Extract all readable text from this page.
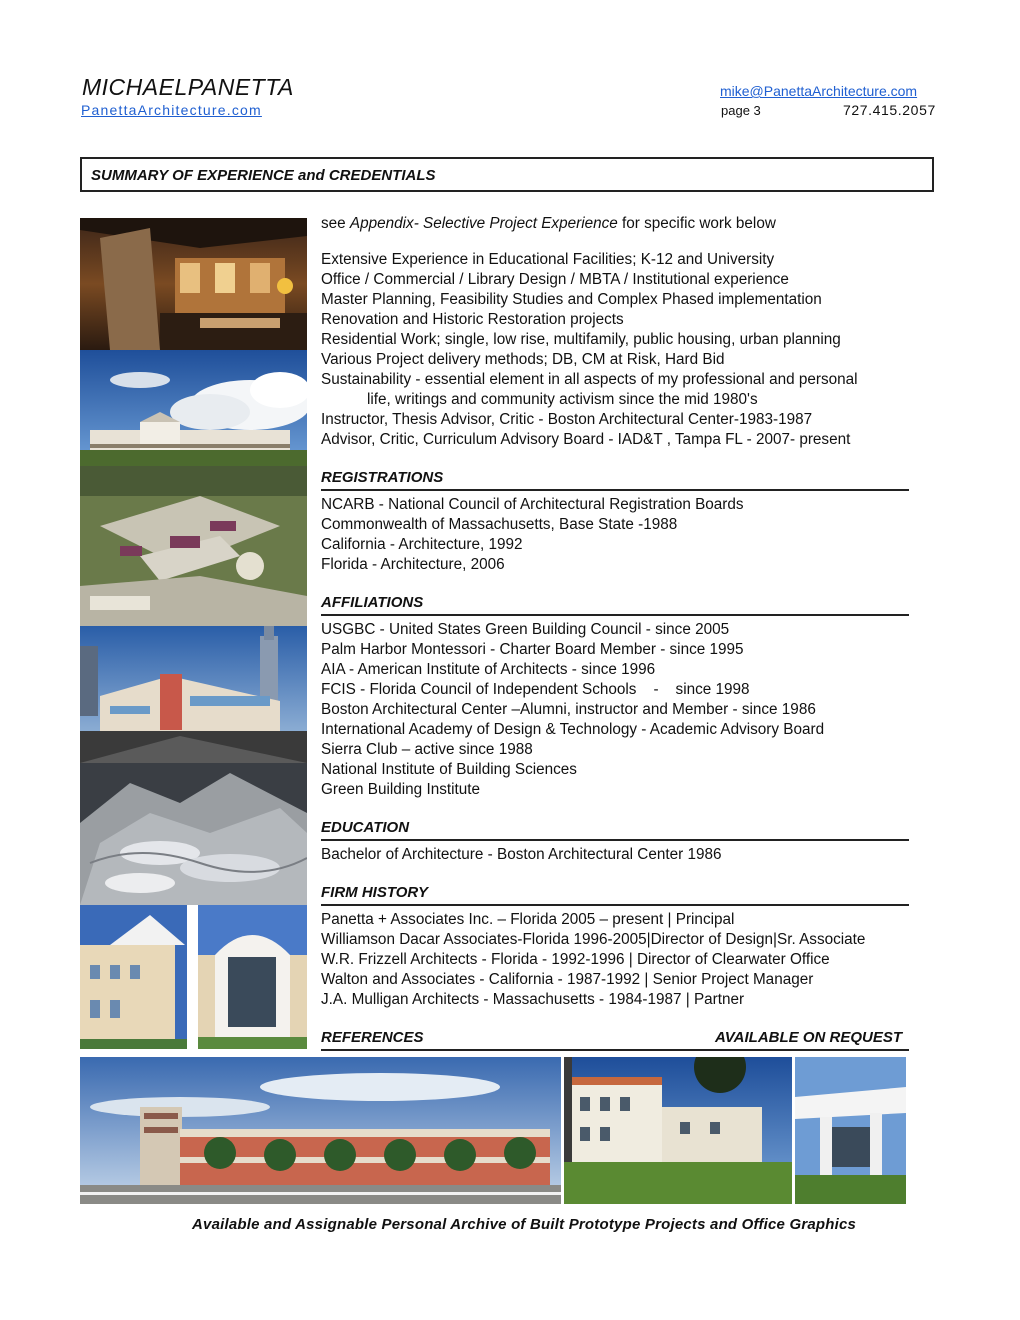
MICHAELPANETTA
PanettaArchitecture.com
mike@PanettaArchitecture.com
page 3	727.415.2057
SUMMARY OF EXPERIENCE and CREDENTIALS
see Appendix- Selective Project Experience for specific work below
Extensive Experience in Educational Facilities; K-12 and University
Office / Commercial / Library Design / MBTA / Institutional experience
Master Planning, Feasibility Studies and Complex Phased implementation
Renovation and Historic Restoration projects
Residential Work; single, low rise, multifamily, public housing, urban planning
Various Project delivery methods; DB, CM at Risk, Hard Bid
Sustainability - essential element in all aspects of my professional and personal
life, writings and community activism since the mid 1980's
Instructor, Thesis Advisor, Critic - Boston Architectural Center-1983-1987
Advisor, Critic, Curriculum Advisory Board - IAD&T , Tampa FL - 2007- present
REGISTRATIONS
NCARB - National Council of Architectural Registration Boards
Commonwealth of Massachusetts, Base State -1988
California - Architecture, 1992
Florida - Architecture, 2006
AFFILIATIONS
USGBC - United States Green Building Council - since 2005
Palm Harbor Montessori - Charter Board Member - since 1995
AIA - American Institute of Architects - since 1996
FCIS - Florida Council of Independent Schools    -    since 1998
Boston Architectural Center –Alumni, instructor and Member - since 1986
International Academy of Design & Technology - Academic Advisory Board
Sierra Club – active since 1988
National Institute of Building Sciences
Green Building Institute
EDUCATION
Bachelor of Architecture - Boston Architectural Center 1986
FIRM HISTORY
Panetta + Associates Inc. – Florida 2005 – present | Principal
Williamson Dacar Associates-Florida 1996-2005|Director of Design|Sr. Associate
W.R. Frizzell Architects - Florida - 1992-1996 | Director of Clearwater Office
Walton and Associates - California - 1987-1992 | Senior Project Manager
J.A. Mulligan Architects - Massachusetts - 1984-1987 | Partner
REFERENCES	AVAILABLE ON REQUEST
Available and Assignable Personal Archive of Built Prototype Projects and Office Graphics
